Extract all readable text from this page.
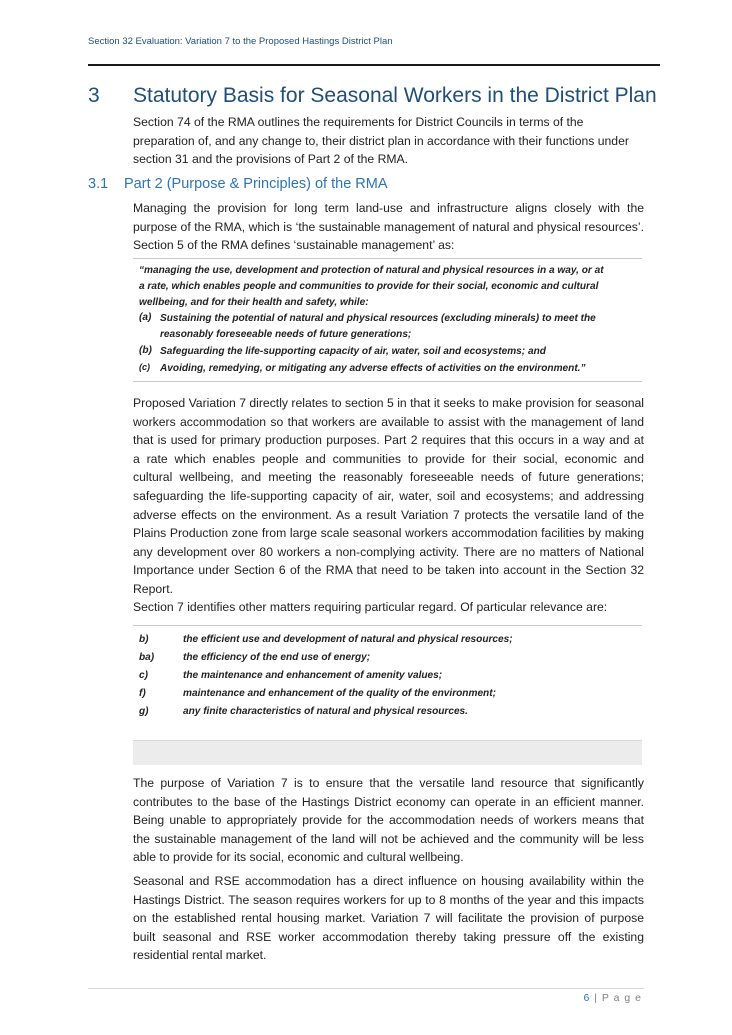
Section 32 Evaluation: Variation 7 to the Proposed Hastings District Plan
3 Statutory Basis for Seasonal Workers in the District Plan
Section 74 of the RMA outlines the requirements for District Councils in terms of the
preparation of, and any change to, their district plan in accordance with their functions under
section 31 and the provisions of Part 2 of the RMA.
3.1 Part 2 (Purpose & Principles) of the RMA
Managing the provision for long term land-use and infrastructure aligns closely with the
purpose of the RMA, which is ‘the sustainable management of natural and physical resources’.
Section 5 of the RMA defines ‘sustainable management’ as:
“managing the use, development and protection of natural and physical resources in a way, or at
a rate, which enables people and communities to provide for their social, economic and cultural
wellbeing, and for their health and safety, while:
(a) Sustaining the potential of natural and physical resources (excluding minerals) to meet the
reasonably foreseeable needs of future generations;
(b) Safeguarding the life-supporting capacity of air, water, soil and ecosystems; and
(c) Avoiding, remedying, or mitigating any adverse effects of activities on the environment.”
Proposed Variation 7 directly relates to section 5 in that it seeks to make provision for seasonal
workers accommodation so that workers are available to assist with the management of land
that is used for primary production purposes. Part 2 requires that this occurs in a way and at
a rate which enables people and communities to provide for their social, economic and
cultural wellbeing, and meeting the reasonably foreseeable needs of future generations;
safeguarding the life-supporting capacity of air, water, soil and ecosystems; and addressing
adverse effects on the environment. As a result Variation 7 protects the versatile land of the
Plains Production zone from large scale seasonal workers accommodation facilities by making
any development over 80 workers a non-complying activity. There are no matters of National
Importance under Section 6 of the RMA that need to be taken into account in the Section 32
Report.
Section 7 identifies other matters requiring particular regard. Of particular relevance are:
b)	the efficient use and development of natural and physical resources;
ba)	the efficiency of the end use of energy;
c)	the maintenance and enhancement of amenity values;
f)	maintenance and enhancement of the quality of the environment;
g)	any finite characteristics of natural and physical resources.
The purpose of Variation 7 is to ensure that the versatile land resource that significantly
contributes to the base of the Hastings District economy can operate in an efficient manner.
Being unable to appropriately provide for the accommodation needs of workers means that
the sustainable management of the land will not be achieved and the community will be less
able to provide for its social, economic and cultural wellbeing.
Seasonal and RSE accommodation has a direct influence on housing availability within the
Hastings District. The season requires workers for up to 8 months of the year and this impacts
on the established rental housing market. Variation 7 will facilitate the provision of purpose
built seasonal and RSE worker accommodation thereby taking pressure off the existing
residential rental market.
6 | P a g e
